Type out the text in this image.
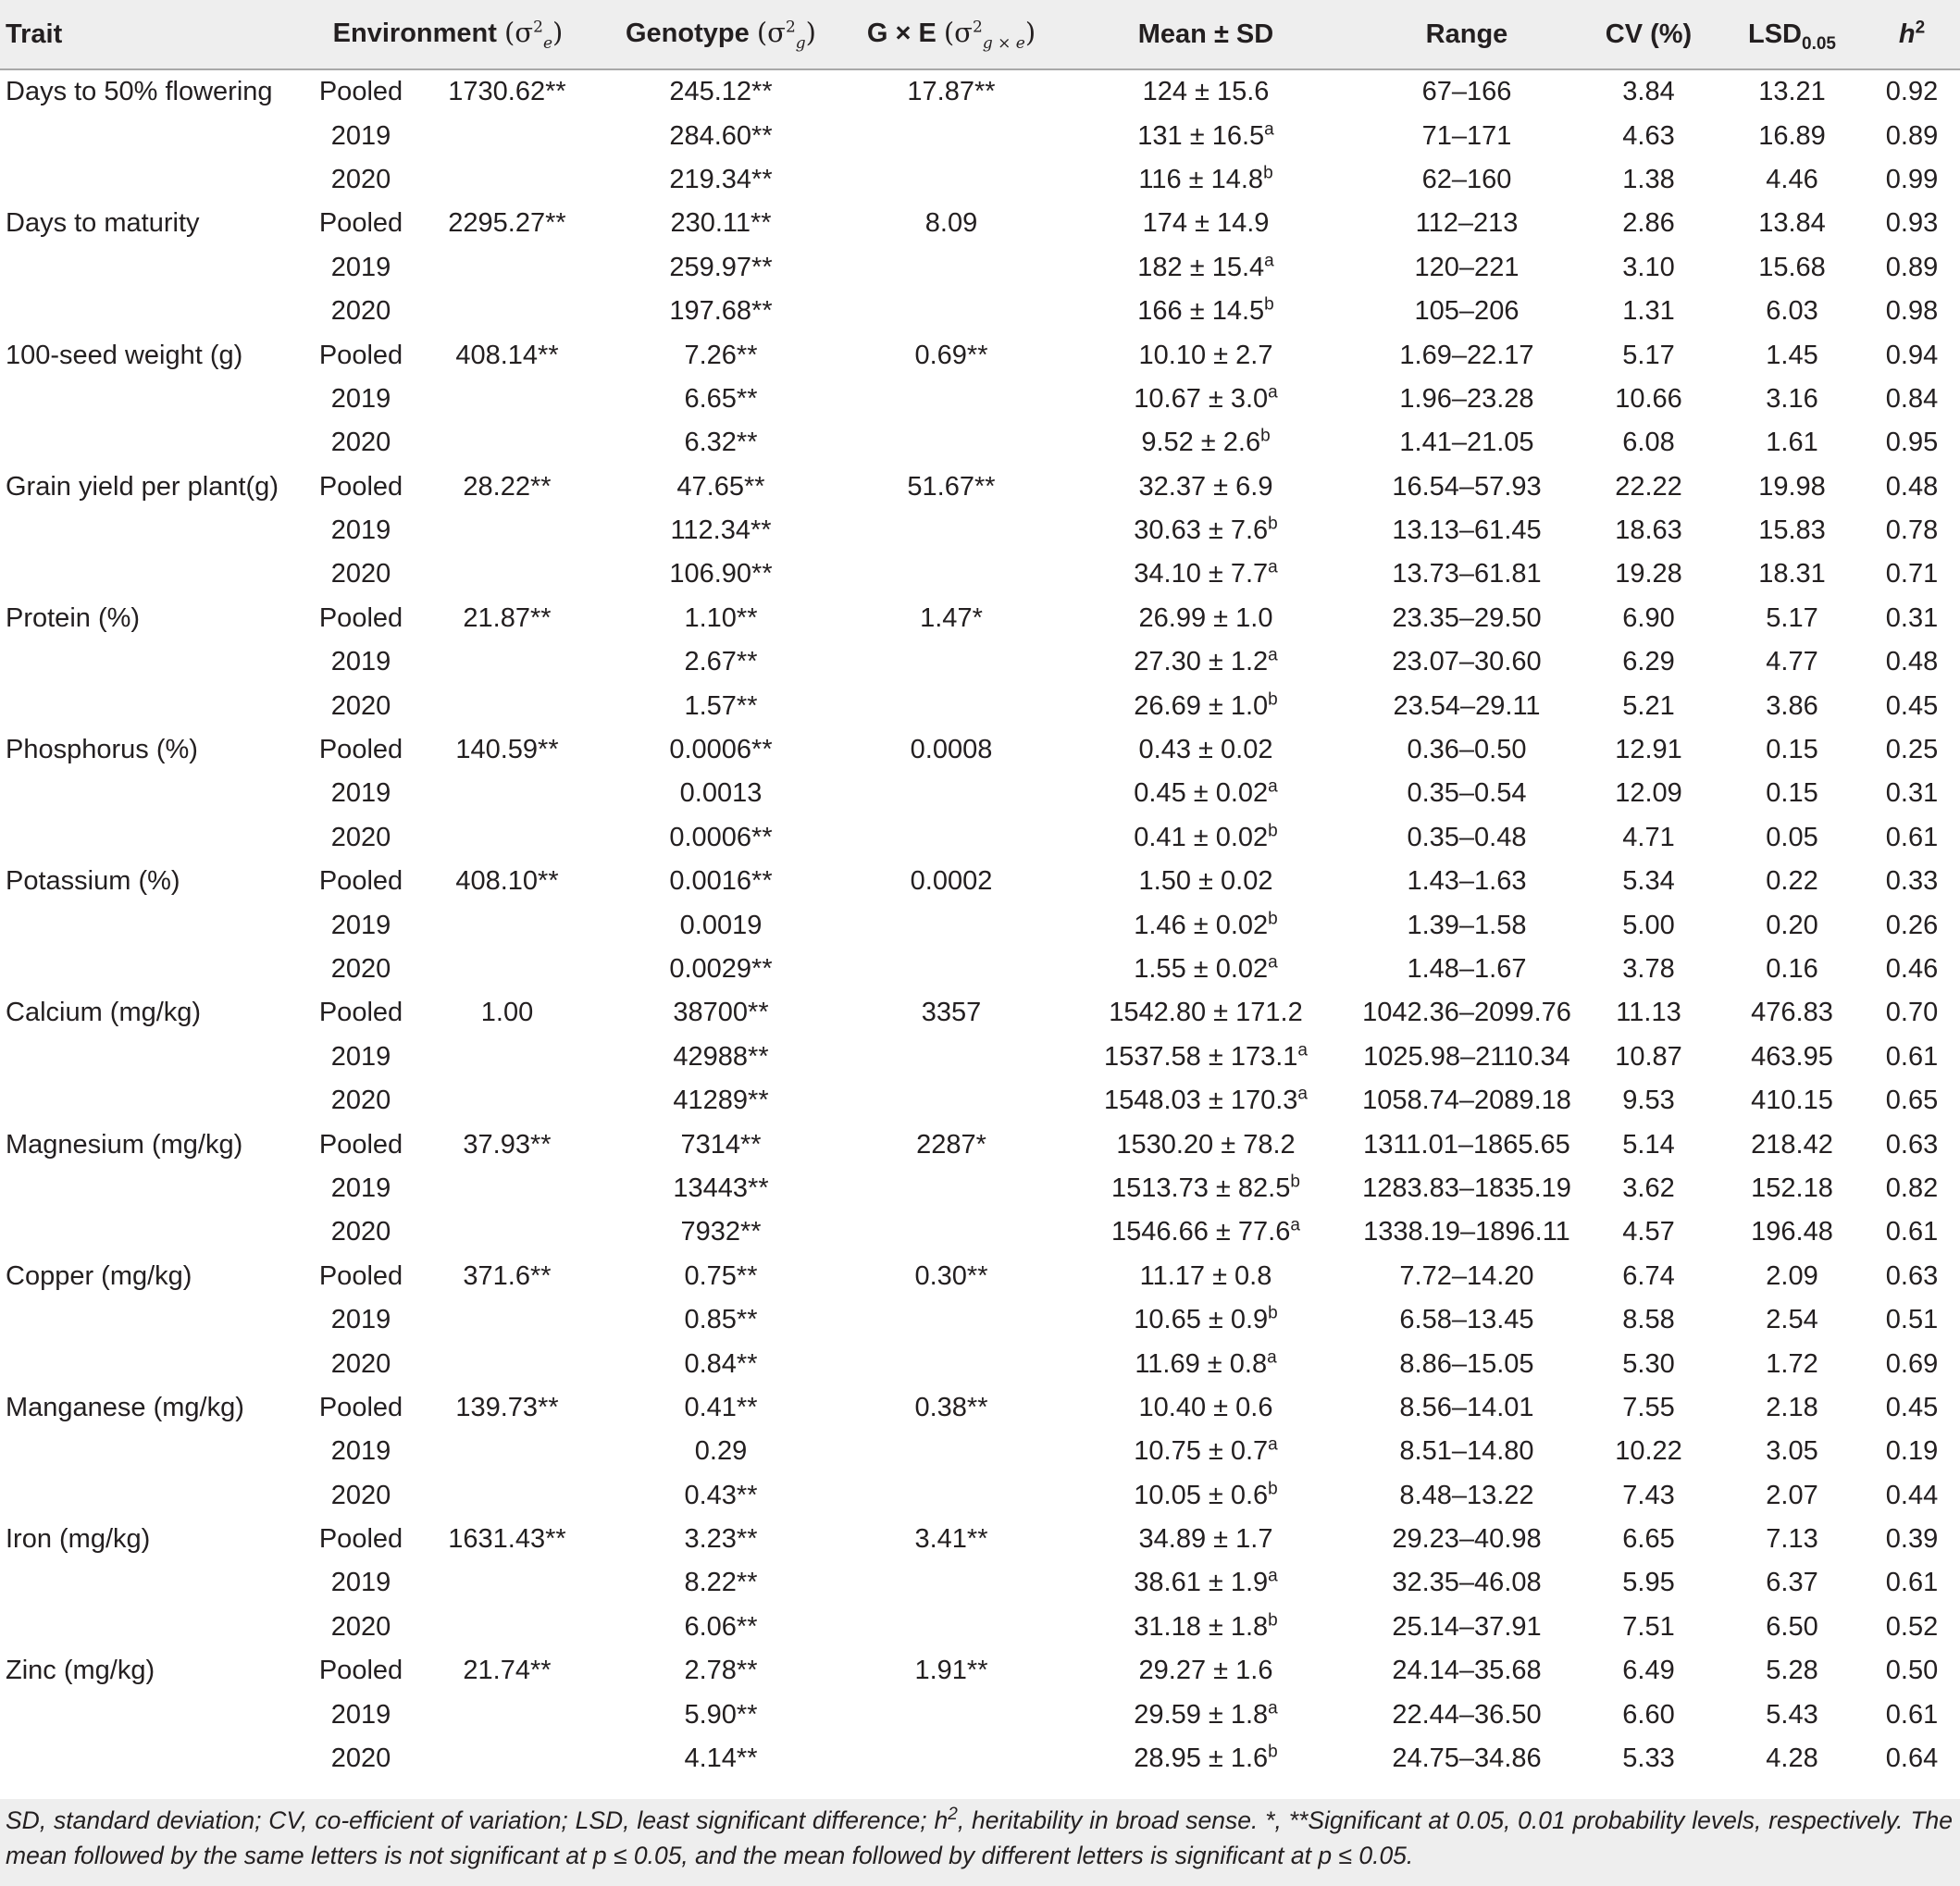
Trait	Environment $(\sigma^2_e)$		Genotype $(\sigma^2_g)$	G × E $(\sigma^2_{g \times e})$	Mean ± SD	Range	CV (%)	$LSD_{0.05}$	$h^2$
Days to 50% flowering	Pooled	1730.62**	245.12**	17.87**	124 ± 15.6	67–166	3.84	13.21	0.92
	2019		284.60**		131 ± 16.5$^a$	71–171	4.63	16.89	0.89
	2020		219.34**		116 ± 14.8$^b$	62–160	1.38	4.46	0.99
Days to maturity	Pooled	2295.27**	230.11**	8.09	174 ± 14.9	112–213	2.86	13.84	0.93
	2019		259.97**		182 ± 15.4$^a$	120–221	3.10	15.68	0.89
	2020		197.68**		166 ± 14.5$^b$	105–206	1.31	6.03	0.98
100-seed weight (g)	Pooled	408.14**	7.26**	0.69**	10.10 ± 2.7	1.69–22.17	5.17	1.45	0.94
	2019		6.65**		10.67 ± 3.0$^a$	1.96–23.28	10.66	3.16	0.84
	2020		6.32**		9.52 ± 2.6$^b$	1.41–21.05	6.08	1.61	0.95
Grain yield per plant(g)	Pooled	28.22**	47.65**	51.67**	32.37 ± 6.9	16.54–57.93	22.22	19.98	0.48
	2019		112.34**		30.63 ± 7.6$^b$	13.13–61.45	18.63	15.83	0.78
	2020		106.90**		34.10 ± 7.7$^a$	13.73–61.81	19.28	18.31	0.71
Protein (%)	Pooled	21.87**	1.10**	1.47*	26.99 ± 1.0	23.35–29.50	6.90	5.17	0.31
	2019		2.67**		27.30 ± 1.2$^a$	23.07–30.60	6.29	4.77	0.48
	2020		1.57**		26.69 ± 1.0$^b$	23.54–29.11	5.21	3.86	0.45
Phosphorus (%)	Pooled	140.59**	0.0006**	0.0008	0.43 ± 0.02	0.36–0.50	12.91	0.15	0.25
	2019		0.0013		0.45 ± 0.02$^a$	0.35–0.54	12.09	0.15	0.31
	2020		0.0006**		0.41 ± 0.02$^b$	0.35–0.48	4.71	0.05	0.61
Potassium (%)	Pooled	408.10**	0.0016**	0.0002	1.50 ± 0.02	1.43–1.63	5.34	0.22	0.33
	2019		0.0019		1.46 ± 0.02$^b$	1.39–1.58	5.00	0.20	0.26
	2020		0.0029**		1.55 ± 0.02$^a$	1.48–1.67	3.78	0.16	0.46
Calcium (mg/kg)	Pooled	1.00	38700**	3357	1542.80 ± 171.2	1042.36–2099.76	11.13	476.83	0.70
	2019		42988**		1537.58 ± 173.1$^a$	1025.98–2110.34	10.87	463.95	0.61
	2020		41289**		1548.03 ± 170.3$^a$	1058.74–2089.18	9.53	410.15	0.65
Magnesium (mg/kg)	Pooled	37.93**	7314**	2287*	1530.20 ± 78.2	1311.01–1865.65	5.14	218.42	0.63
	2019		13443**		1513.73 ± 82.5$^b$	1283.83–1835.19	3.62	152.18	0.82
	2020		7932**		1546.66 ± 77.6$^a$	1338.19–1896.11	4.57	196.48	0.61
Copper (mg/kg)	Pooled	371.6**	0.75**	0.30**	11.17 ± 0.8	7.72–14.20	6.74	2.09	0.63
	2019		0.85**		10.65 ± 0.9$^b$	6.58–13.45	8.58	2.54	0.51
	2020		0.84**		11.69 ± 0.8$^a$	8.86–15.05	5.30	1.72	0.69
Manganese (mg/kg)	Pooled	139.73**	0.41**	0.38**	10.40 ± 0.6	8.56–14.01	7.55	2.18	0.45
	2019		0.29		10.75 ± 0.7$^a$	8.51–14.80	10.22	3.05	0.19
	2020		0.43**		10.05 ± 0.6$^b$	8.48–13.22	7.43	2.07	0.44
Iron (mg/kg)	Pooled	1631.43**	3.23**	3.41**	34.89 ± 1.7	29.23–40.98	6.65	7.13	0.39
	2019		8.22**		38.61 ± 1.9$^a$	32.35–46.08	5.95	6.37	0.61
	2020		6.06**		31.18 ± 1.8$^b$	25.14–37.91	7.51	6.50	0.52
Zinc (mg/kg)	Pooled	21.74**	2.78**	1.91**	29.27 ± 1.6	24.14–35.68	6.49	5.28	0.50
	2019		5.90**		29.59 ± 1.8$^a$	22.44–36.50	6.60	5.43	0.61
	2020		4.14**		28.95 ± 1.6$^b$	24.75–34.86	5.33	4.28	0.64
SD, standard deviation; CV, co-efficient of variation; LSD, least significant difference; $h^2$, heritability in broad sense. *, **Significant at 0.05, 0.01 probability levels, respectively. The mean followed by the same letters is not significant at p ≤ 0.05, and the mean followed by different letters is significant at p ≤ 0.05.
